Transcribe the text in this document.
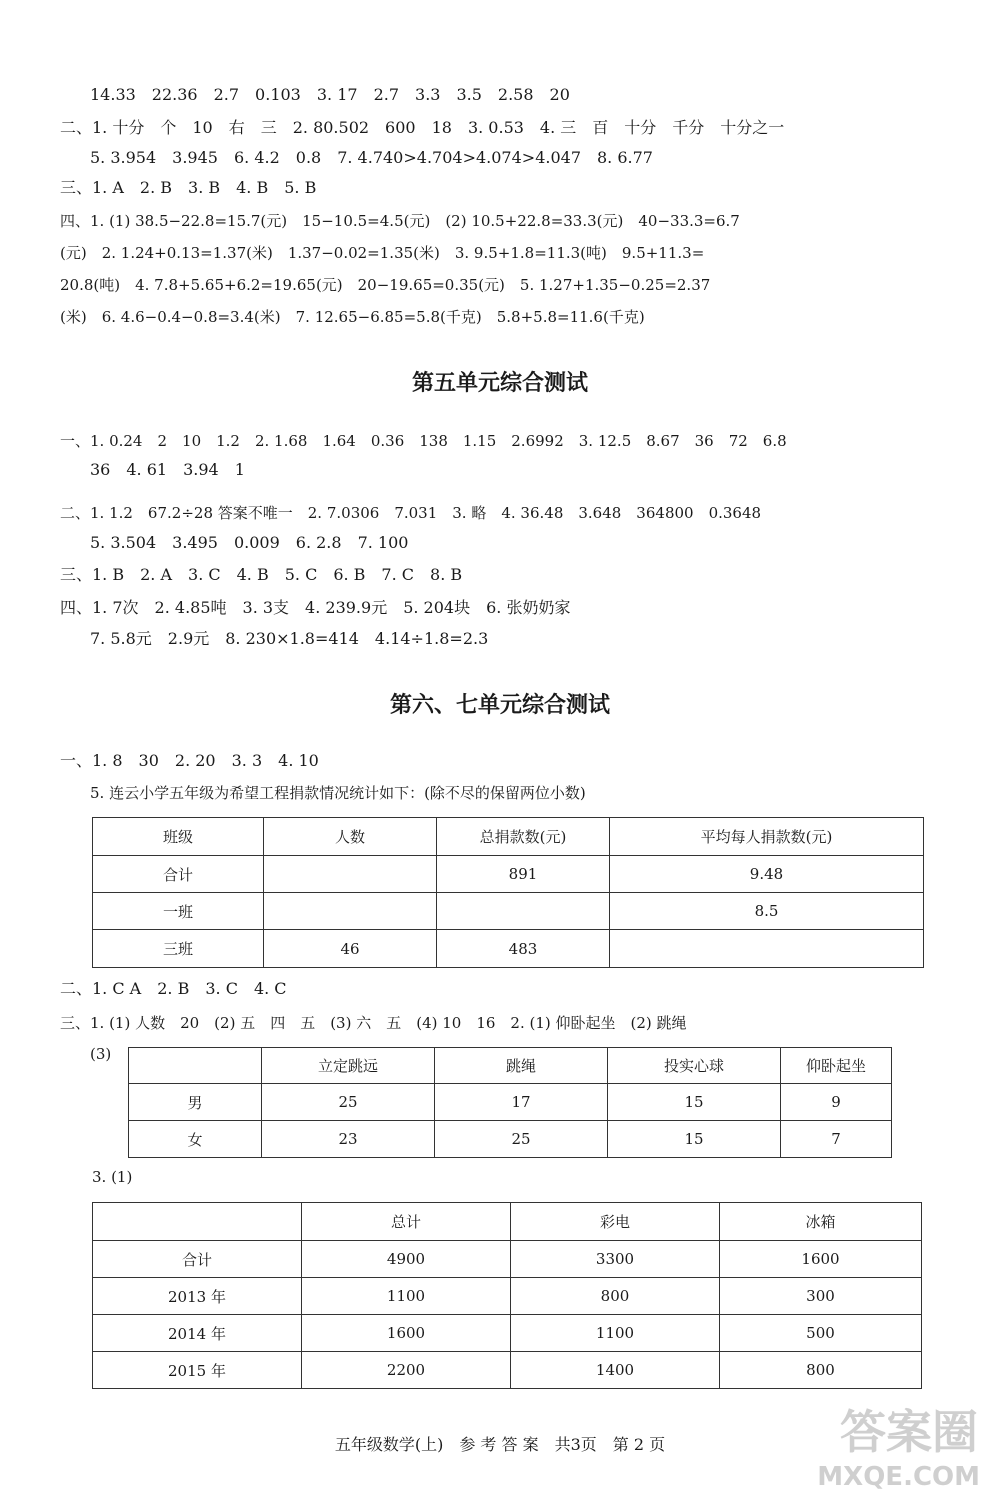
14.33　22.36　2.7　0.103　3. 17　2.7　3.3　3.5　2.58　20
二、1. 十分　个　10　右　三　2. 80.502　600　18　3. 0.53　4. 三　百　十分　千分　十分之一
5. 3.954　3.945　6. 4.2　0.8　7. 4.740>4.704>4.074>4.047　8. 6.77
三、1. A　2. B　3. B　4. B　5. B
四、1. (1) 38.5−22.8=15.7(元)　15−10.5=4.5(元)　(2) 10.5+22.8=33.3(元)　40−33.3=6.7
(元)　2. 1.24+0.13=1.37(米)　1.37−0.02=1.35(米)　3. 9.5+1.8=11.3(吨)　9.5+11.3=
20.8(吨)　4. 7.8+5.65+6.2=19.65(元)　20−19.65=0.35(元)　5. 1.27+1.35−0.25=2.37
(米)　6. 4.6−0.4−0.8=3.4(米)　7. 12.65−6.85=5.8(千克)　5.8+5.8=11.6(千克)
第五单元综合测试
一、1. 0.24　2　10　1.2　2. 1.68　1.64　0.36　138　1.15　2.6992　3. 12.5　8.67　36　72　6.8
36　4. 61　3.94　1
二、1. 1.2　67.2÷28 答案不唯一　2. 7.0306　7.031　3. 略　4. 36.48　3.648　364800　0.3648
5. 3.504　3.495　0.009　6. 2.8　7. 100
三、1. B　2. A　3. C　4. B　5. C　6. B　7. C　8. B
四、1. 7次　2. 4.85吨　3. 3支　4. 239.9元　5. 204块　6. 张奶奶家
7. 5.8元　2.9元　8. 230×1.8=414　4.14÷1.8=2.3
第六、七单元综合测试
一、1. 8　30　2. 20　3. 3　4. 10
5. 连云小学五年级为希望工程捐款情况统计如下：(除不尽的保留两位小数)
班级	人数	总捐款数(元)	平均每人捐款数(元)
合计		891	9.48
一班			8.5
三班	46	483	
二、1. C A　2. B　3. C　4. C
三、1. (1) 人数　20　(2) 五　四　五　(3) 六　五　(4) 10　16　2. (1) 仰卧起坐　(2) 跳绳
(3)
	立定跳远	跳绳	投实心球	仰卧起坐
男	25	17	15	9
女	23	25	15	7
3. (1)
	总计	彩电	冰箱
合计	4900	3300	1600
2013 年	1100	800	300
2014 年	1600	1100	500
2015 年	2200	1400	800
五年级数学(上)　参 考 答 案　共3页　第 2 页	答案圈
MXQE.COM
